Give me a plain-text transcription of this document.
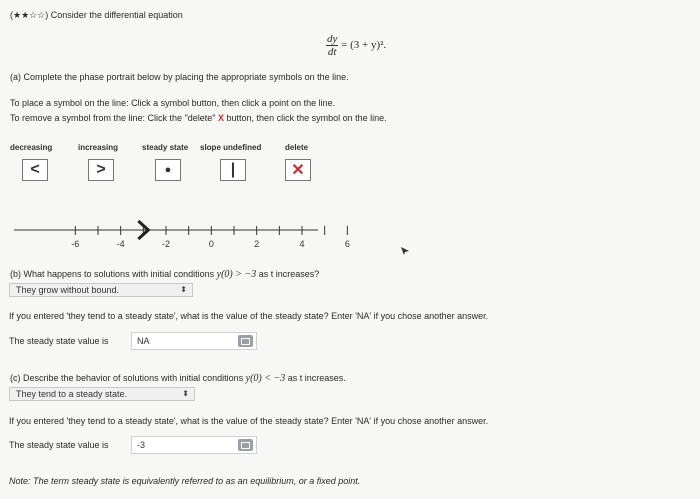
(★★☆☆) Consider the differential equation
$\frac{dy}{dt} = (3 + y)^2$.
(a) Complete the phase portrait below by placing the appropriate symbols on the line.
To place a symbol on the line: Click a symbol button, then click a point on the line.
To remove a symbol from the line: Click the "delete" X button, then click the symbol on the line.
decreasing	increasing	steady state slope undefined	delete
<	>	●	|	✕
-6	-4	-2	0	2	4	6
(b) What happens to solutions with initial conditions y(0) > −3 as t increases?
They grow without bound.	⬍
If you entered 'they tend to a steady state', what is the value of the steady state? Enter 'NA' if you chose another answer.
The steady state value is	NA
(c) Describe the behavior of solutions with initial conditions y(0) < −3 as t increases.
They tend to a steady state.	⬍
If you entered 'they tend to a steady state', what is the value of the steady state? Enter 'NA' if you chose another answer.
The steady state value is	-3
Note: The term steady state is equivalently referred to as an equilibrium, or a fixed point.
